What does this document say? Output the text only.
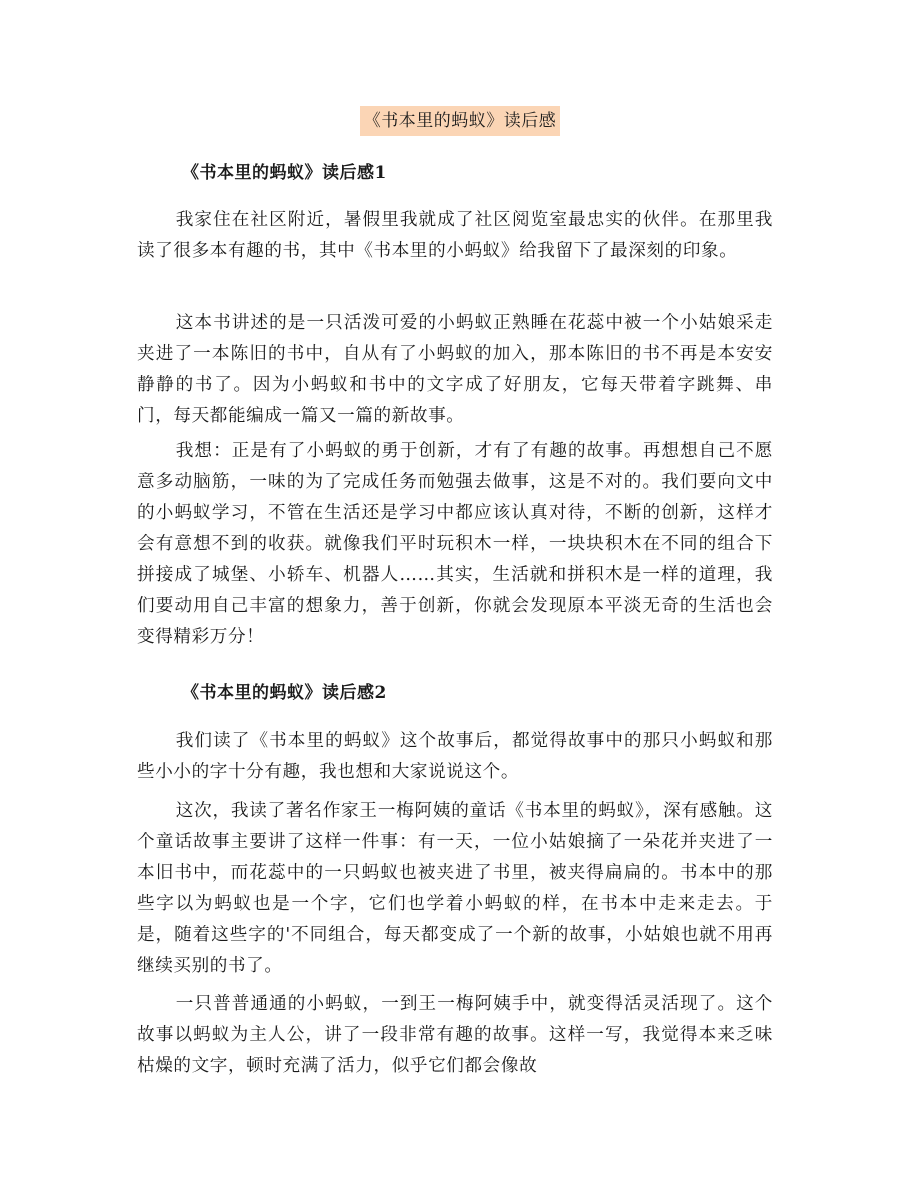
《书本里的蚂蚁》读后感
《书本里的蚂蚁》读后感1

我家住在社区附近，暑假里我就成了社区阅览室最忠实的伙伴。在那里我读了很多本有趣的书，其中《书本里的小蚂蚁》给我留下了最深刻的印象。

这本书讲述的是一只活泼可爱的小蚂蚁正熟睡在花蕊中被一个小姑娘采走夹进了一本陈旧的书中，自从有了小蚂蚁的加入，那本陈旧的书不再是本安安静静的书了。因为小蚂蚁和书中的文字成了好朋友，它每天带着字跳舞、串门，每天都能编成一篇又一篇的新故事。

我想：正是有了小蚂蚁的勇于创新，才有了有趣的故事。再想想自己不愿意多动脑筋，一味的为了完成任务而勉强去做事，这是不对的。我们要向文中的小蚂蚁学习，不管在生活还是学习中都应该认真对待，不断的创新，这样才会有意想不到的收获。就像我们平时玩积木一样，一块块积木在不同的组合下拼接成了城堡、小轿车、机器人……其实，生活就和拼积木是一样的道理，我们要动用自己丰富的想象力，善于创新，你就会发现原本平淡无奇的生活也会变得精彩万分！

《书本里的蚂蚁》读后感2

我们读了《书本里的蚂蚁》这个故事后，都觉得故事中的那只小蚂蚁和那些小小的字十分有趣，我也想和大家说说这个。

这次，我读了著名作家王一梅阿姨的童话《书本里的蚂蚁》，深有感触。这个童话故事主要讲了这样一件事：有一天，一位小姑娘摘了一朵花并夹进了一本旧书中，而花蕊中的一只蚂蚁也被夹进了书里，被夹得扁扁的。书本中的那些字以为蚂蚁也是一个字，它们也学着小蚂蚁的样，在书本中走来走去。于是，随着这些字的'不同组合，每天都变成了一个新的故事，小姑娘也就不用再继续买别的书了。

一只普普通通的小蚂蚁，一到王一梅阿姨手中，就变得活灵活现了。这个故事以蚂蚁为主人公，讲了一段非常有趣的故事。这样一写，我觉得本来乏味枯燥的文字，顿时充满了活力，似乎它们都会像故
